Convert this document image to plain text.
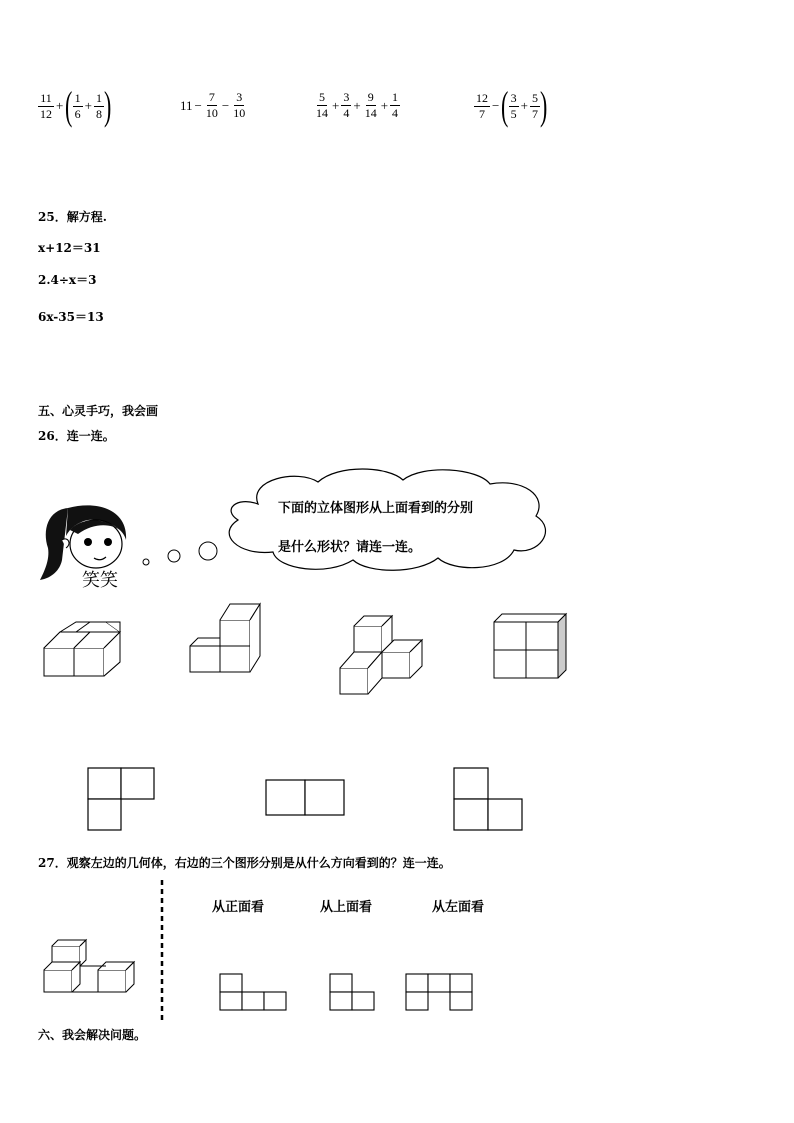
$\frac{11}{12}$ + ( $\frac{1}{6} + \frac{1}{8}$ )	$11 - \frac{7}{10} - \frac{3}{10}$	$\frac{5}{14} + \frac{3}{4} + \frac{9}{14} + \frac{1}{4}$	$\frac{12}{7}$ − ( $\frac{3}{5} + \frac{5}{7}$ )
25．解方程.
x+12＝31
2.4÷x＝3
6x-35＝13
五、心灵手巧，我会画
26．连一连。
笑笑
下面的立体图形从上面看到的分别
是什么形状？请连一连。
27．观察左边的几何体，右边的三个图形分别是从什么方向看到的？连一连。
从正面看	从上面看	从左面看
六、我会解决问题。
